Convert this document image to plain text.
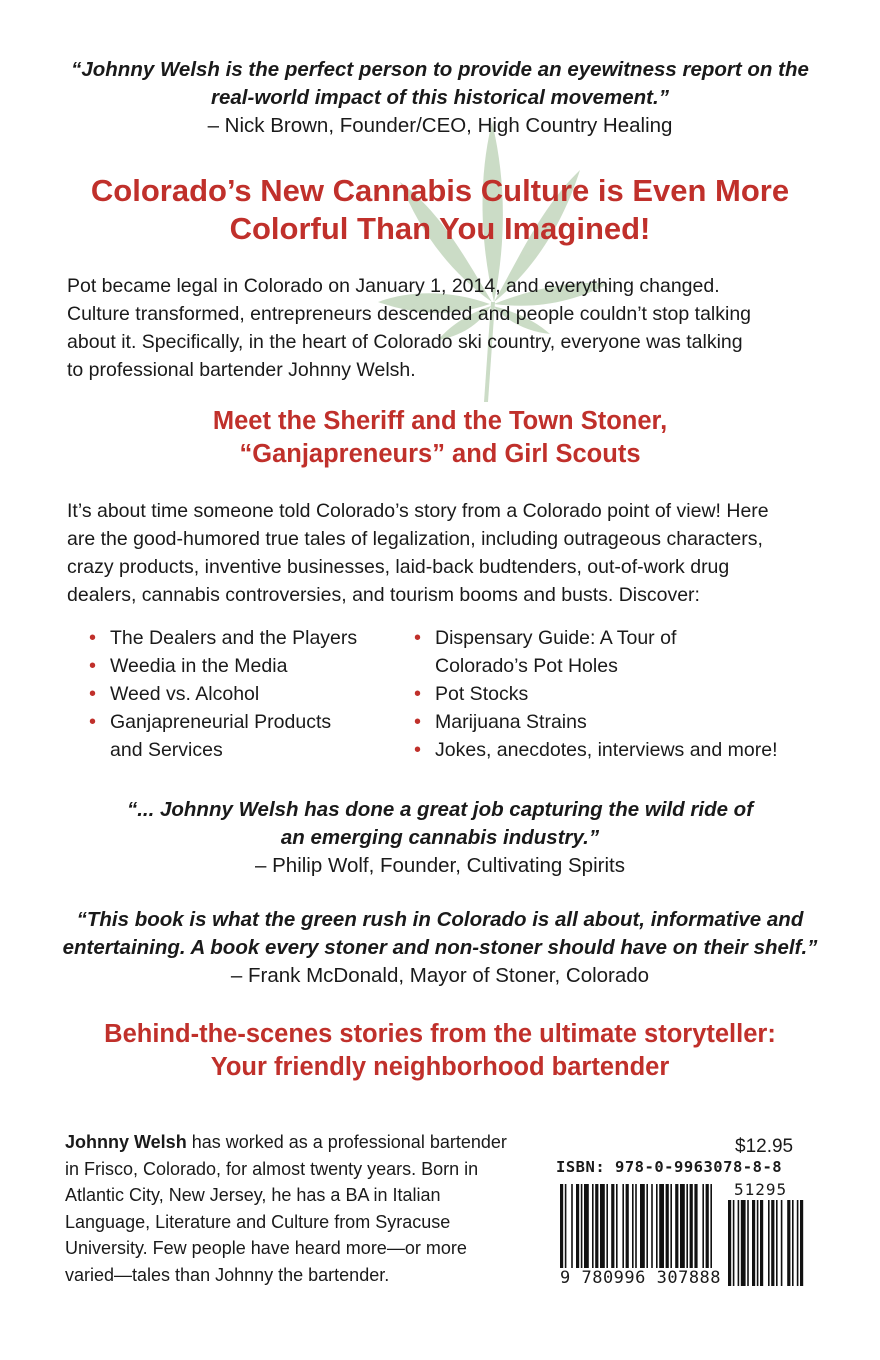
“Johnny Welsh is the perfect person to provide an eyewitness report on the
real-world impact of this historical movement.”
– Nick Brown, Founder/CEO, High Country Healing
Colorado’s New Cannabis Culture is Even More
Colorful Than You Imagined!
Pot became legal in Colorado on January 1, 2014, and everything changed.
Culture transformed, entrepreneurs descended and people couldn’t stop talking
about it. Specifically, in the heart of Colorado ski country, everyone was talking
to professional bartender Johnny Welsh.
Meet the Sheriff and the Town Stoner,
“Ganjapreneurs” and Girl Scouts
It’s about time someone told Colorado’s story from a Colorado point of view! Here
are the good-humored true tales of legalization, including outrageous characters,
crazy products, inventive businesses, laid-back budtenders, out-of-work drug
dealers, cannabis controversies, and tourism booms and busts. Discover:
• The Dealers and the Players
• Weedia in the Media
• Weed vs. Alcohol
• Ganjapreneurial Products
and Services
• Dispensary Guide: A Tour of
Colorado’s Pot Holes
• Pot Stocks
• Marijuana Strains
• Jokes, anecdotes, interviews and more!
“... Johnny Welsh has done a great job capturing the wild ride of
an emerging cannabis industry.”
– Philip Wolf, Founder, Cultivating Spirits
“This book is what the green rush in Colorado is all about, informative and
entertaining. A book every stoner and non-stoner should have on their shelf.”
– Frank McDonald, Mayor of Stoner, Colorado
Behind-the-scenes stories from the ultimate storyteller:
Your friendly neighborhood bartender
Johnny Welsh has worked as a professional bartender
in Frisco, Colorado, for almost twenty years. Born in
Atlantic City, New Jersey, he has a BA in Italian
Language, Literature and Culture from Syracuse
University. Few people have heard more—or more
varied—tales than Johnny the bartender.
$12.95
ISBN: 978-0-9963078-8-8
51295
9 780996 307888
